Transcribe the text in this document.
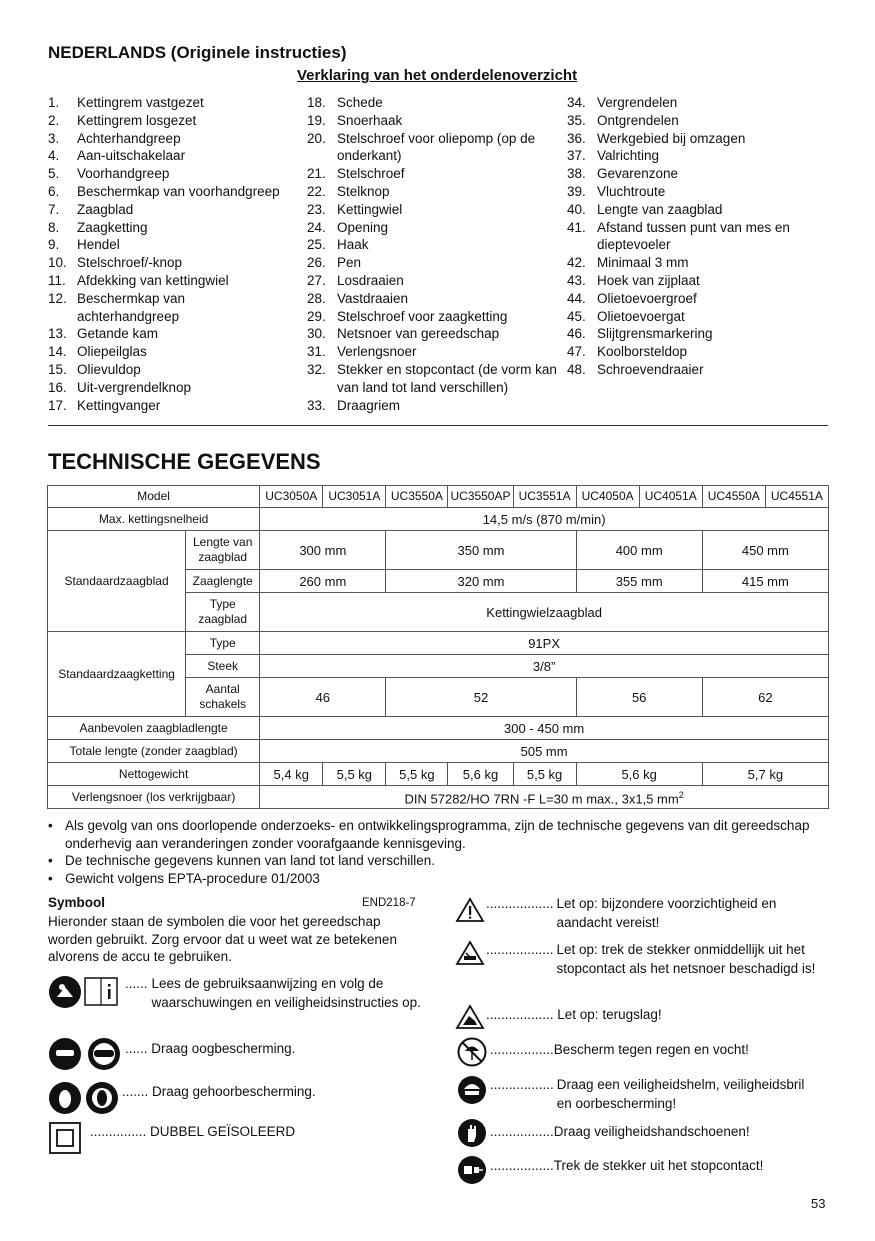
NEDERLANDS (Originele instructies)
Verklaring van het onderdelenoverzicht
1.	Kettingrem vastgezet
2.	Kettingrem losgezet
3.	Achterhandgreep
4.	Aan-uitschakelaar
5.	Voorhandgreep
6.	Beschermkap van voorhandgreep
7.	Zaagblad
8.	Zaagketting
9.	Hendel
10. Stelschroef/-knop
11. Afdekking van kettingwiel
12. Beschermkap van achterhandgreep
13. Getande kam
14. Oliepeilglas
15. Olievuldop
16. Uit-vergrendelknop
17. Kettingvanger
18. Schede
19. Snoerhaak
20. Stelschroef voor oliepomp (op de onderkant)
21. Stelschroef
22. Stelknop
23. Kettingwiel
24. Opening
25. Haak
26. Pen
27. Losdraaien
28. Vastdraaien
29. Stelschroef voor zaagketting
30. Netsnoer van gereedschap
31. Verlengsnoer
32. Stekker en stopcontact (de vorm kan van land tot land verschillen)
33. Draagriem
34. Vergrendelen
35. Ontgrendelen
36. Werkgebied bij omzagen
37. Valrichting
38. Gevarenzone
39. Vluchtroute
40. Lengte van zaagblad
41. Afstand tussen punt van mes en dieptevoeler
42. Minimaal 3 mm
43. Hoek van zijplaat
44. Olietoevoergroef
45. Olietoevoergat
46. Slijtgrensmarkering
47. Koolborsteldop
48. Schroevendraaier
TECHNISCHE GEGEVENS
Model		UC3050A	UC3051A	UC3550A	UC3550AP	UC3551A	UC4050A	UC4051A	UC4550A	UC4551A
Max. kettingsnelheid		14,5 m/s (870 m/min)								
Standaardzaagblad	Lengte van zaagblad	300 mm		350 mm			400 mm		450 mm	
	Zaaglengte	260 mm		320 mm			355 mm		415 mm	
	Type zaagblad	Kettingwielzaagblad								
Standaardzaagketting	Type	91PX								
	Steek	3/8”								
	Aantal schakels	46		52			56		62	
Aanbevolen zaagbladlengte		300 - 450 mm								
Totale lengte (zonder zaagblad)		505 mm								
Nettogewicht		5,4 kg	5,5 kg	5,5 kg	5,6 kg	5,5 kg	5,6 kg		5,7 kg	
Verlengsnoer (los verkrijgbaar)		DIN 57282/HO 7RN -F L=30 m max., 3x1,5 $mm^2$
• Als gevolg van ons doorlopende onderzoeks- en ontwikkelingsprogramma, zijn de technische gegevens van dit gereedschap onderhevig aan veranderingen zonder voorafgaande kennisgeving.
• De technische gegevens kunnen van land tot land verschillen.
• Gewicht volgens EPTA-procedure 01/2003
Symbool	END218-7
Hieronder staan de symbolen die voor het gereedschap worden gebruikt. Zorg ervoor dat u weet wat ze betekenen alvorens de accu te gebruiken.
...... Lees de gebruiksaanwijzing en volg de waarschuwingen en veiligheidsinstructies op.
...... Draag oogbescherming.
....... Draag gehoorbescherming.
............... DUBBEL GEÏSOLEERD
.................. Let op: bijzondere voorzichtigheid en aandacht vereist!
.................. Let op: trek de stekker onmiddellijk uit het stopcontact als het netsnoer beschadigd is!
.................. Let op: terugslag!
.................Bescherm tegen regen en vocht!
................. Draag een veiligheidshelm, veiligheidsbril en oorbescherming!
.................Draag veiligheidshandschoenen!
.................Trek de stekker uit het stopcontact!
53
